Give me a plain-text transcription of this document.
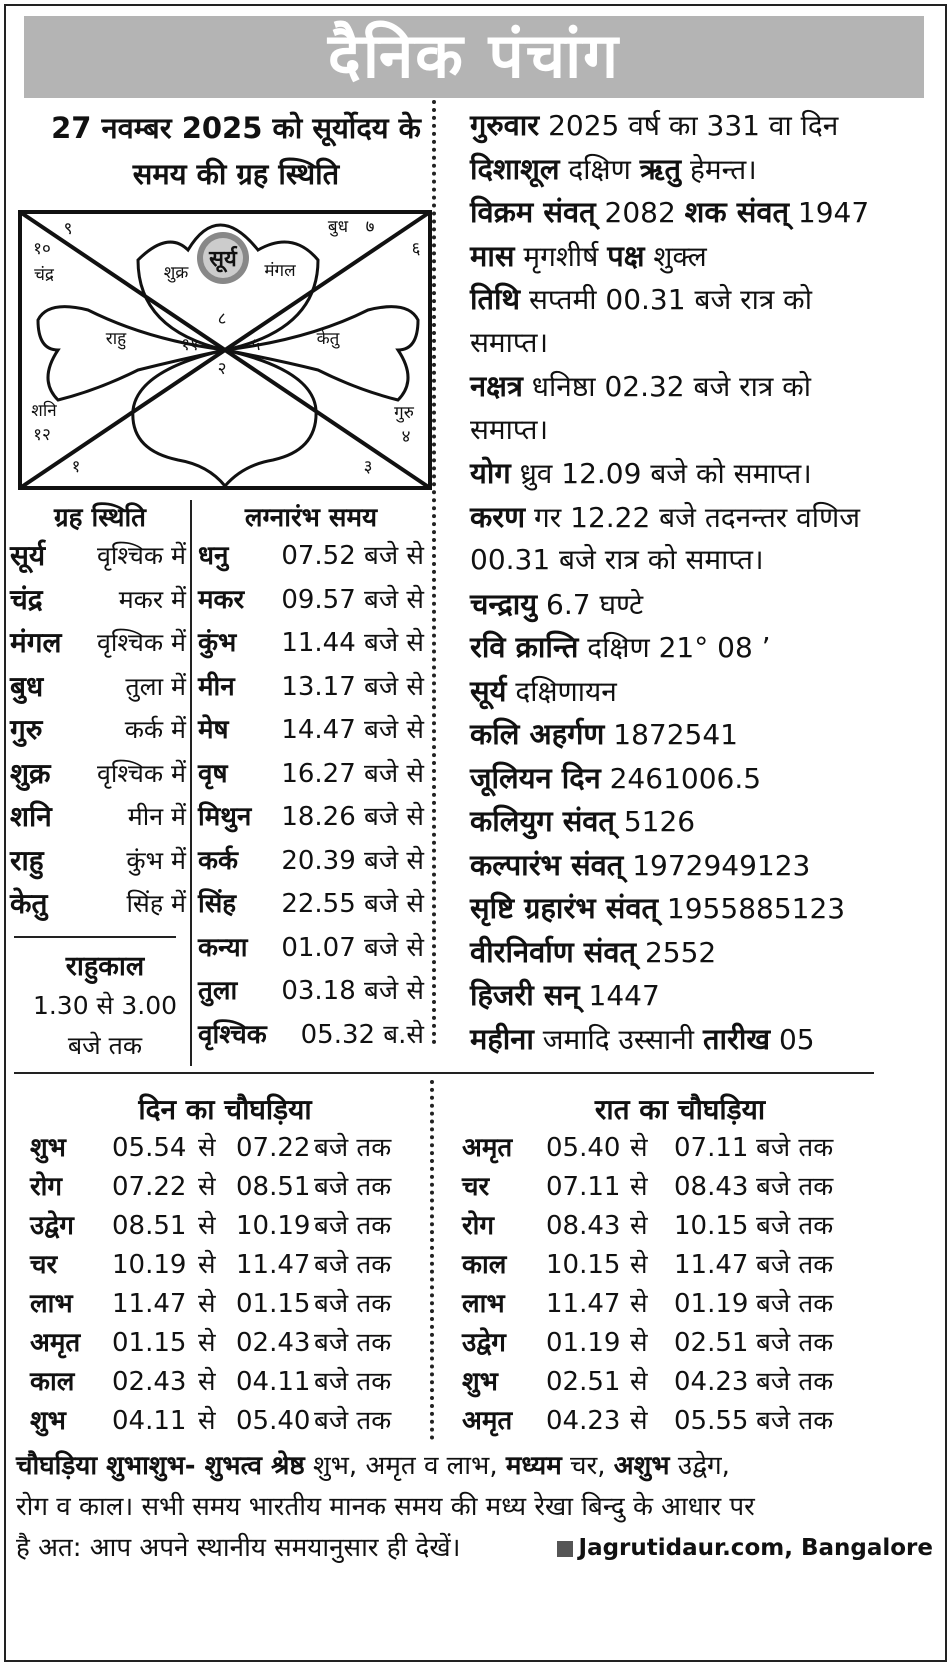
दैनिक पंचांग
27 नवम्बर 2025 को सूर्योदय के
समय की ग्रह स्थिति
सूर्य
शुक्र	मंगल
बुध
चंद्र
राहु	केतु
शनि	गुरु
९	७
१०	६
८
११	५
२
१२	४
१	३
ग्रह स्थिति
सूर्य वृश्चिक में
चंद्र	मकर में
मंगल वृश्चिक में
बुध	तुला में
गुरु	कर्क में
शुक्र वृश्चिक में
शनि	मीन में
राहु	कुंभ में
केतु	सिंह में
राहुकाल
1.30 से 3.00
बजे तक
लग्नारंभ समय
धनु 07.52 बजे से
मकर 09.57 बजे से
कुंभ 11.44 बजे से
मीन 13.17 बजे से
मेष 14.47 बजे से
वृष 16.27 बजे से
मिथुन 18.26 बजे से
कर्क 20.39 बजे से
सिंह 22.55 बजे से
कन्या 01.07 बजे से
तुला 03.18 बजे से
वृश्चिक 05.32 ब.से
गुरुवार 2025 वर्ष का 331 वा दिन
दिशाशूल दक्षिण ऋतु हेमन्त।
विक्रम संवत् 2082 शक संवत् 1947
मास मृगशीर्ष पक्ष शुक्ल
तिथि सप्तमी 00.31 बजे रात्र को
समाप्त।
नक्षत्र धनिष्ठा 02.32 बजे रात्र को
समाप्त।
योग ध्रुव 12.09 बजे को समाप्त।
करण गर 12.22 बजे तदनन्तर वणिज
00.31 बजे रात्र को समाप्त।
चन्द्रायु 6.7 घण्टे
रवि क्रान्ति दक्षिण 21° 08 ’
सूर्य दक्षिणायन
कलि अहर्गण 1872541
जूलियन दिन 2461006.5
कलियुग संवत् 5126
कल्पारंभ संवत् 1972949123
सृष्टि ग्रहारंभ संवत् 1955885123
वीरनिर्वाण संवत् 2552
हिजरी सन् 1447
महीना जमादि उस्सानी तारीख 05
दिन का चौघड़िया	रात का चौघड़िया
शुभ 05.54 से 07.22 बजे तक
रोग 07.22 से 08.51 बजे तक
उद्वेग 08.51 से 10.19 बजे तक
चर 10.19 से 11.47 बजे तक
लाभ 11.47 से 01.15 बजे तक
अमृत 01.15 से 02.43 बजे तक
काल 02.43 से 04.11 बजे तक
शुभ 04.11 से 05.40 बजे तक
अमृत 05.40 से 07.11 बजे तक
चर 07.11 से 08.43 बजे तक
रोग 08.43 से 10.15 बजे तक
काल 10.15 से 11.47 बजे तक
लाभ 11.47 से 01.19 बजे तक
उद्वेग 01.19 से 02.51 बजे तक
शुभ 02.51 से 04.23 बजे तक
अमृत 04.23 से 05.55 बजे तक
चौघड़िया शुभाशुभ- शुभत्व श्रेष्ठ शुभ, अमृत व लाभ, मध्यम चर, अशुभ उद्वेग,
रोग व काल। सभी समय भारतीय मानक समय की मध्य रेखा बिन्दु के आधार पर
है अत: आप अपने स्थानीय समयानुसार ही देखें।	Jagrutidaur.com, Bangalore
